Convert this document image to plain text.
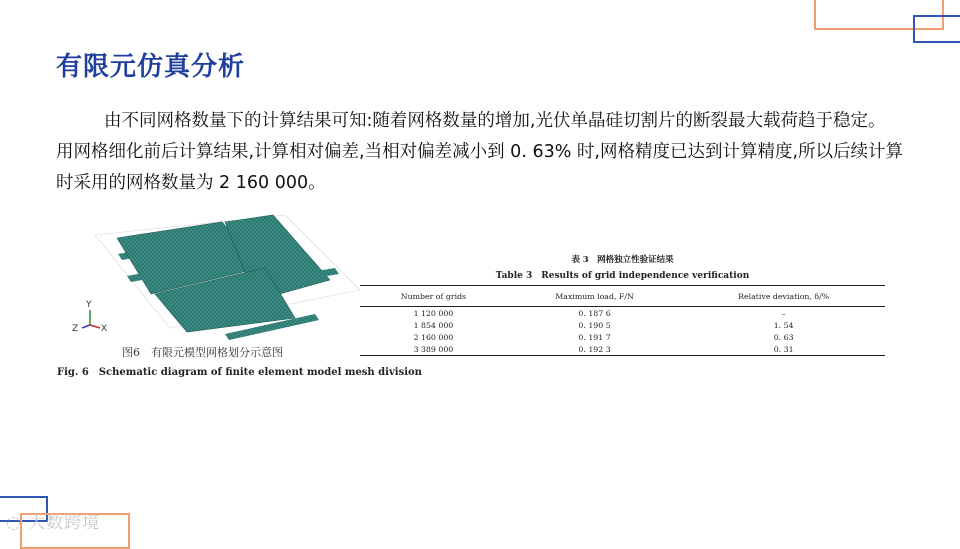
有限元仿真分析
由不同网格数量下的计算结果可知:随着网格数量的增加,光伏单晶硅切割片的断裂最大载荷趋于稳定。 用网格细化前后计算结果,计算相对偏差,当相对偏差减小到 0. 63% 时,网格精度已达到计算精度,所以后续计算时采用的网格数量为 2 160 000。
Y
Z	X
图6　有限元模型网格划分示意图
Fig. 6　Schematic diagram of finite element model mesh division
表 3　网格独立性验证结果
Table 3　Results of grid independence verification
Number of grids	Maximum load, F/N	Relative deviation, δ/%
1 120 000	0. 187 6	–
1 854 000	0. 190 5	1. 54
2 160 000	0. 191 7	0. 63
3 389 000	0. 192 3	0. 31
◌ 大数跨境
